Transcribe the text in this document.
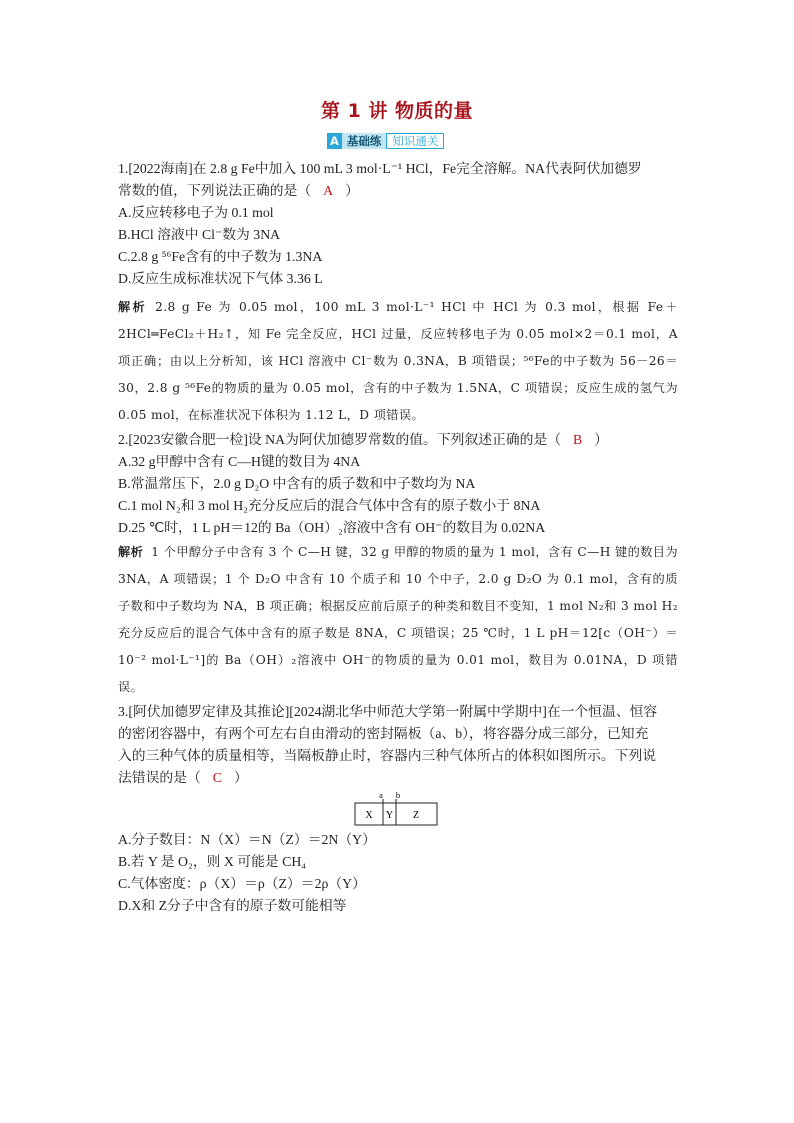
第 1 讲 物质的量
A 基础练 知识通关
1.[2022海南]在 2.8 g Fe中加入 100 mL 3 mol·L⁻¹ HCl，Fe完全溶解。NA代表阿伏加德罗
常数的值，下列说法正确的是（ A ）
A.反应转移电子为 0.1 mol
B.HCl 溶液中 Cl⁻数为 3NA
C.2.8 g ⁵⁶Fe含有的中子数为 1.3NA
D.反应生成标准状况下气体 3.36 L
解析 2.8 g Fe 为 0.05 mol，100 mL 3 mol·L⁻¹ HCl 中 HCl 为 0.3 mol，根据 Fe＋2HCl═FeCl₂＋H₂↑，知 Fe 完全反应，HCl 过量，反应转移电子为 0.05 mol×2＝0.1 mol，A 项正确；由以上分析知，该 HCl 溶液中 Cl⁻数为 0.3NA，B 项错误；⁵⁶Fe的中子数为 56－26＝30，2.8 g ⁵⁶Fe的物质的量为 0.05 mol，含有的中子数为 1.5NA，C 项错误；反应生成的氢气为 0.05 mol，在标准状况下体积为 1.12 L，D 项错误。
2.[2023安徽合肥一检]设 NA为阿伏加德罗常数的值。下列叙述正确的是（ B ）
A.32 g甲醇中含有 C—H键的数目为 4NA
B.常温常压下，2.0 g D₂O 中含有的质子数和中子数均为 NA
C.1 mol N₂和 3 mol H₂充分反应后的混合气体中含有的原子数小于 8NA
D.25 ℃时，1 L pH＝12的 Ba（OH）₂溶液中含有 OH⁻的数目为 0.02NA
解析 1 个甲醇分子中含有 3 个 C—H 键，32 g 甲醇的物质的量为 1 mol，含有 C—H 键的数目为 3NA，A 项错误；1 个 D₂O 中含有 10 个质子和 10 个中子，2.0 g D₂O 为 0.1 mol，含有的质子数和中子数均为 NA，B 项正确；根据反应前后原子的种类和数目不变知，1 mol N₂和 3 mol H₂充分反应后的混合气体中含有的原子数是 8NA，C 项错误；25 ℃时，1 L pH＝12[c（OH⁻）＝10⁻² mol·L⁻¹]的 Ba（OH）₂溶液中 OH⁻的物质的量为 0.01 mol，数目为 0.01NA，D 项错误。
3.[阿伏加德罗定律及其推论][2024湖北华中师范大学第一附属中学期中]在一个恒温、恒容
的密闭容器中，有两个可左右自由滑动的密封隔板（a、b），将容器分成三部分，已知充
入的三种气体的质量相等，当隔板静止时，容器内三种气体所占的体积如图所示。下列说
法错误的是（ C ）
a b
X Y Z
A.分子数目：N（X）＝N（Z）＝2N（Y）
B.若 Y 是 O₂，则 X 可能是 CH₄
C.气体密度：ρ（X）＝ρ（Z）＝2ρ（Y）
D.X和 Z分子中含有的原子数可能相等
